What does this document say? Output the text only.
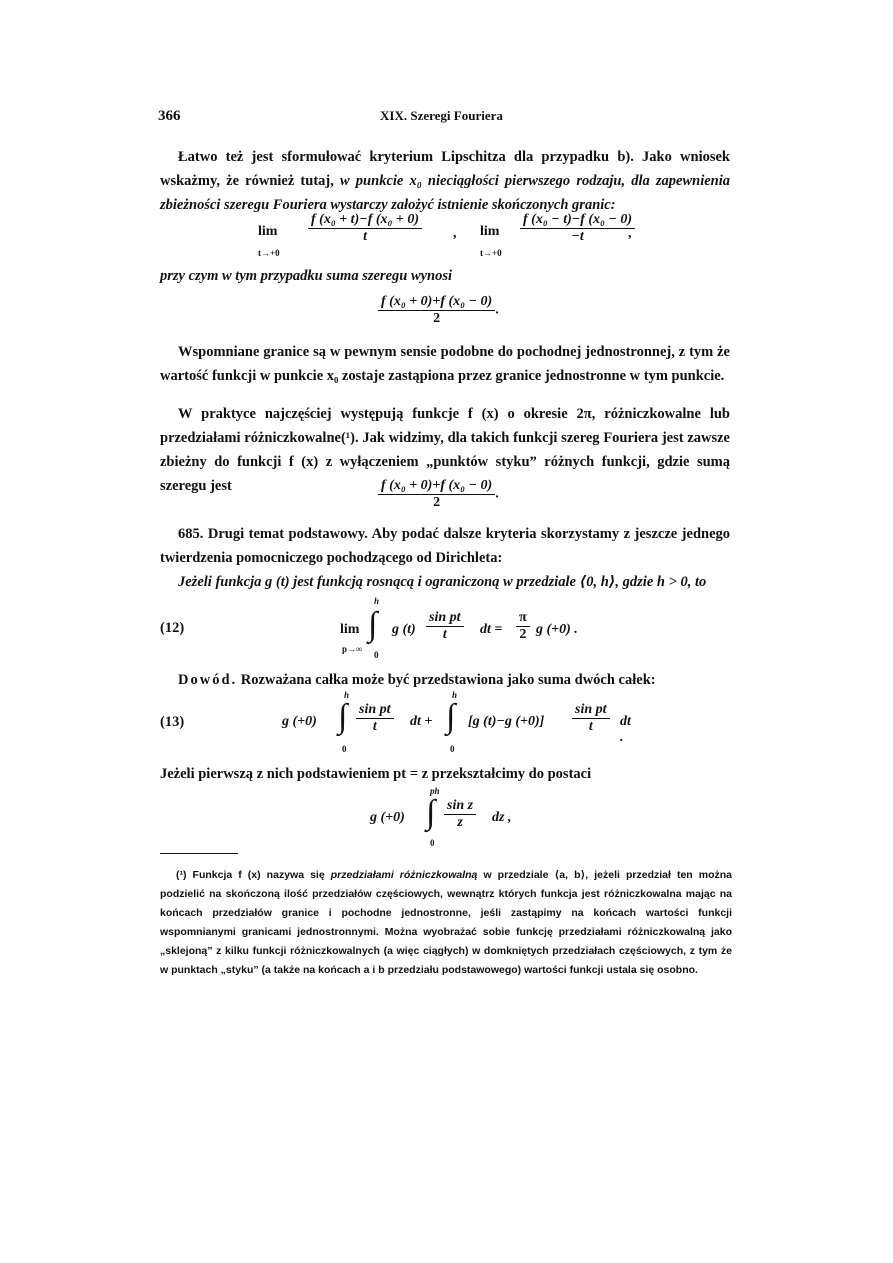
366	XIX. Szeregi Fouriera
Łatwo też jest sformułować kryterium Lipschitza dla przypadku b). Jako wniosek wskażmy, że również tutaj, w punkcie x₀ nieciągłości pierwszego rodzaju, dla zapewnienia zbieżności szeregu Fouriera wystarczy założyć istnienie skończonych granic:
lim
t→+0
$\frac{\text{f (x₀ + t)−f (x₀ + 0)}}{t}$ , lim
t→+0
$\frac{\text{f (x₀ − t)−f (x₀ − 0)}}{-t}$
,
przy czym w tym przypadku suma szeregu wynosi
$\frac{\text{f (x₀ + 0)+f (x₀ − 0)}}{2}$ .
Wspomniane granice są w pewnym sensie podobne do pochodnej jednostronnej, z tym że wartość funkcji w punkcie x₀ zostaje zastąpiona przez granice jednostronne w tym punkcie.
W praktyce najczęściej występują funkcje f (x) o okresie 2π, różniczkowalne lub przedziałami różniczkowalne(¹). Jak widzimy, dla takich funkcji szereg Fouriera jest zawsze zbieżny do funkcji f (x) z wyłączeniem „punktów styku” różnych funkcji, gdzie sumą szeregu jest	$\frac{\text{f (x₀ + 0)+f (x₀ − 0)}}{2}$ .
685. Drugi temat podstawowy. Aby podać dalsze kryteria skorzystamy z jeszcze jednego twierdzenia pomocniczego pochodzącego od Dirichleta:
Jeżeli funkcja g (t) jest funkcją rosnącą i ograniczoną w przedziale ⟨0, h⟩, gdzie h > 0, to
(12)	lim
p→∞
h
∫
0
g $(t) \frac{\text{sin pt}}{t}$ dt = $\frac{\pi}{2}$ g (+0) .
Dowód. Rozważana całka może być przedstawiona jako suma dwóch całek:
(13)	g (+0)
h
∫
0
$\frac{\text{sin pt}}{t}$ dt +
h
∫
0
[g (t)−g $(+0)] \frac{\text{sin pt}}{t}$ dt .
Jeżeli pierwszą z nich podstawieniem pt = z przekształcimy do postaci
g (+0)
ph
∫
0
$\frac{\text{sin z}}{z}$ dz ,
(¹) Funkcja f (x) nazywa się przedziałami różniczkowalną w przedziale ⟨a, b⟩, jeżeli przedział ten można podzielić na skończoną ilość przedziałów częściowych, wewnątrz których funkcja jest różniczkowalna mając na końcach przedziałów granice i pochodne jednostronne, jeśli zastąpimy na końcach wartości funkcji wspomnianymi granicami jednostronnymi. Można wyobrażać sobie funkcję przedziałami różniczkowalną jako „sklejoną” z kilku funkcji różniczkowalnych (a więc ciągłych) w domkniętych przedziałach częściowych, z tym że w punktach „styku” (a także na końcach a i b przedziału podstawowego) wartości funkcji ustala się osobno.
